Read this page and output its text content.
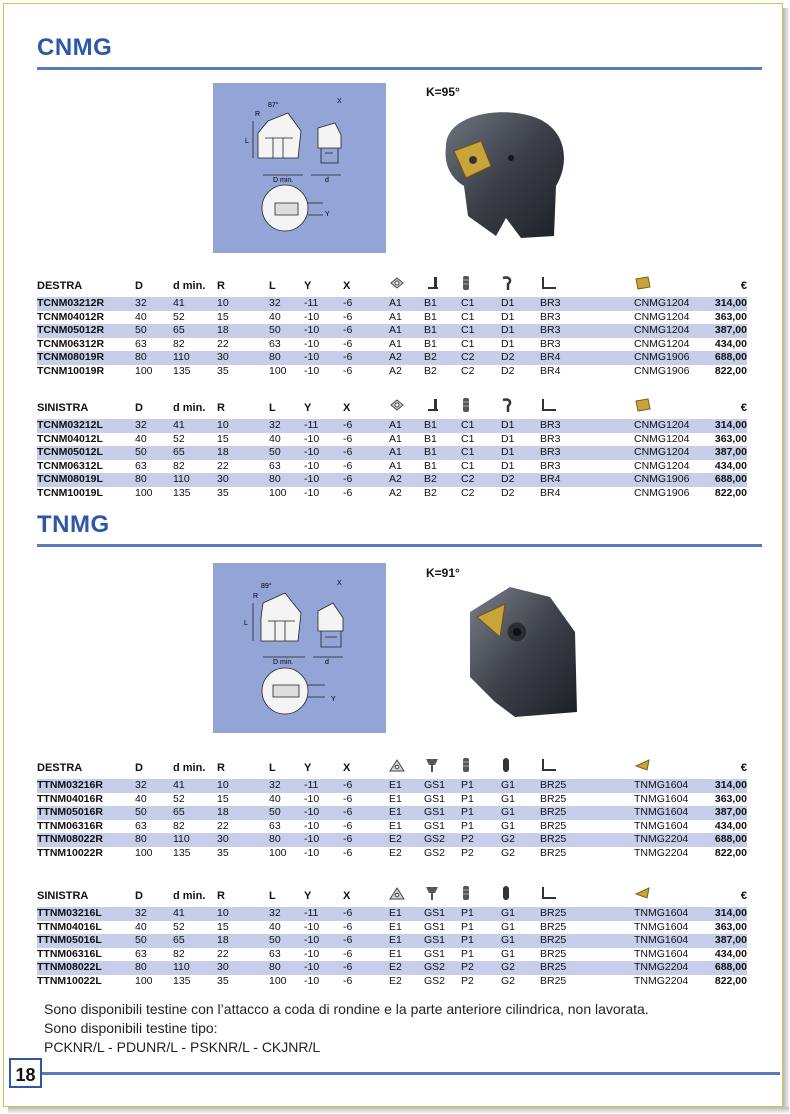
CNMG
87°
R
L
X
D min.	d
Y
K=95°
DESTRA	D	d min.	R	L	Y	X							€
TCNM03212R	32	41	10	32	-11	-6	A1	B1	C1	D1	BR3	CNMG1204	314,00
TCNM04012R	40	52	15	40	-10	-6	A1	B1	C1	D1	BR3	CNMG1204	363,00
TCNM05012R	50	65	18	50	-10	-6	A1	B1	C1	D1	BR3	CNMG1204	387,00
TCNM06312R	63	82	22	63	-10	-6	A1	B1	C1	D1	BR3	CNMG1204	434,00
TCNM08019R	80	110	30	80	-10	-6	A2	B2	C2	D2	BR4	CNMG1906	688,00
TCNM10019R	100	135	35	100	-10	-6	A2	B2	C2	D2	BR4	CNMG1906	822,00
SINISTRA	D	d min.	R	L	Y	X							€
TCNM03212L	32	41	10	32	-11	-6	A1	B1	C1	D1	BR3	CNMG1204	314,00
TCNM04012L	40	52	15	40	-10	-6	A1	B1	C1	D1	BR3	CNMG1204	363,00
TCNM05012L	50	65	18	50	-10	-6	A1	B1	C1	D1	BR3	CNMG1204	387,00
TCNM06312L	63	82	22	63	-10	-6	A1	B1	C1	D1	BR3	CNMG1204	434,00
TCNM08019L	80	110	30	80	-10	-6	A2	B2	C2	D2	BR4	CNMG1906	688,00
TCNM10019L	100	135	35	100	-10	-6	A2	B2	C2	D2	BR4	CNMG1906	822,00
TNMG
89°
R
L
X
D min.	d
Y
K=91°
DESTRA	D	d min.	R	L	Y	X							€
TTNM03216R	32	41	10	32	-11	-6	E1	GS1	P1	G1	BR25	TNMG1604	314,00
TTNM04016R	40	52	15	40	-10	-6	E1	GS1	P1	G1	BR25	TNMG1604	363,00
TTNM05016R	50	65	18	50	-10	-6	E1	GS1	P1	G1	BR25	TNMG1604	387,00
TTNM06316R	63	82	22	63	-10	-6	E1	GS1	P1	G1	BR25	TNMG1604	434,00
TTNM08022R	80	110	30	80	-10	-6	E2	GS2	P2	G2	BR25	TNMG2204	688,00
TTNM10022R	100	135	35	100	-10	-6	E2	GS2	P2	G2	BR25	TNMG2204	822,00
SINISTRA	D	d min.	R	L	Y	X							€
TTNM03216L	32	41	10	32	-11	-6	E1	GS1	P1	G1	BR25	TNMG1604	314,00
TTNM04016L	40	52	15	40	-10	-6	E1	GS1	P1	G1	BR25	TNMG1604	363,00
TTNM05016L	50	65	18	50	-10	-6	E1	GS1	P1	G1	BR25	TNMG1604	387,00
TTNM06316L	63	82	22	63	-10	-6	E1	GS1	P1	G1	BR25	TNMG1604	434,00
TTNM08022L	80	110	30	80	-10	-6	E2	GS2	P2	G2	BR25	TNMG2204	688,00
TTNM10022L	100	135	35	100	-10	-6	E2	GS2	P2	G2	BR25	TNMG2204	822,00
Sono disponibili testine con l’attacco a coda di rondine e la parte anteriore cilindrica, non lavorata.
Sono disponibili testine tipo:
PCKNR/L - PDUNR/L - PSKNR/L - CKJNR/L
18
